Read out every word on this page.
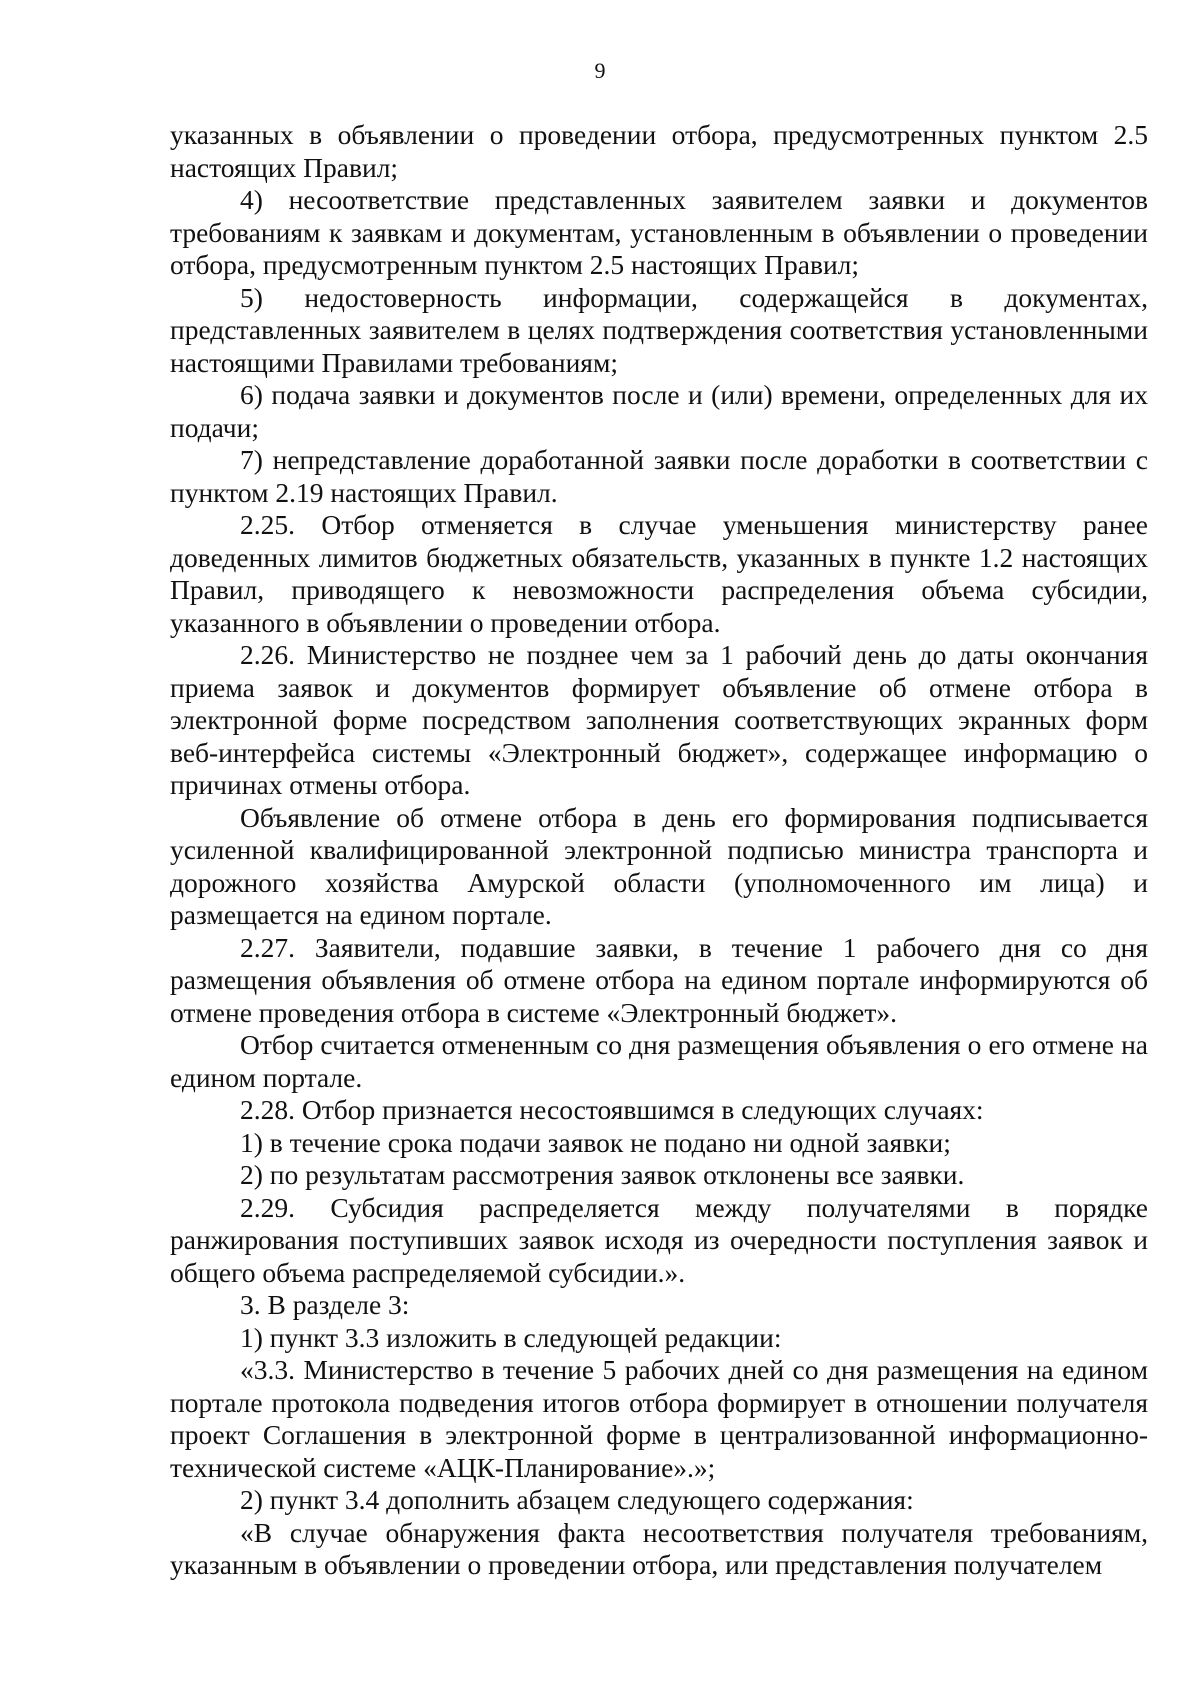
9

указанных в объявлении о проведении отбора, предусмотренных пунктом 2.5 настоящих Правил;

4) несоответствие представленных заявителем заявки и документов требованиям к заявкам и документам, установленным в объявлении о проведении отбора, предусмотренным пунктом 2.5 настоящих Правил;

5) недостоверность информации, содержащейся в документах, представленных заявителем в целях подтверждения соответствия установленными настоящими Правилами требованиям;

6) подача заявки и документов после и (или) времени, определенных для их подачи;

7) непредставление доработанной заявки после доработки в соответствии с пунктом 2.19 настоящих Правил.

2.25. Отбор отменяется в случае уменьшения министерству ранее доведенных лимитов бюджетных обязательств, указанных в пункте 1.2 настоящих Правил, приводящего к невозможности распределения объема субсидии, указанного в объявлении о проведении отбора.

2.26. Министерство не позднее чем за 1 рабочий день до даты окончания приема заявок и документов формирует объявление об отмене отбора в электронной форме посредством заполнения соответствующих экранных форм веб-интерфейса системы «Электронный бюджет», содержащее информацию о причинах отмены отбора.

Объявление об отмене отбора в день его формирования подписывается усиленной квалифицированной электронной подписью министра транспорта и дорожного хозяйства Амурской области (уполномоченного им лица) и размещается на едином портале.

2.27. Заявители, подавшие заявки, в течение 1 рабочего дня со дня размещения объявления об отмене отбора на едином портале информируются об отмене проведения отбора в системе «Электронный бюджет».

Отбор считается отмененным со дня размещения объявления о его отмене на едином портале.

2.28. Отбор признается несостоявшимся в следующих случаях:

1) в течение срока подачи заявок не подано ни одной заявки;

2) по результатам рассмотрения заявок отклонены все заявки.

2.29. Субсидия распределяется между получателями в порядке ранжирования поступивших заявок исходя из очередности поступления заявок и общего объема распределяемой субсидии.».

3. В разделе 3:

1) пункт 3.3 изложить в следующей редакции:

«3.3. Министерство в течение 5 рабочих дней со дня размещения на едином портале протокола подведения итогов отбора формирует в отношении получателя проект Соглашения в электронной форме в централизованной информационно-технической системе «АЦК-Планирование».»;

2) пункт 3.4 дополнить абзацем следующего содержания:

«В случае обнаружения факта несоответствия получателя требованиям, указанным в объявлении о проведении отбора, или представления получателем
